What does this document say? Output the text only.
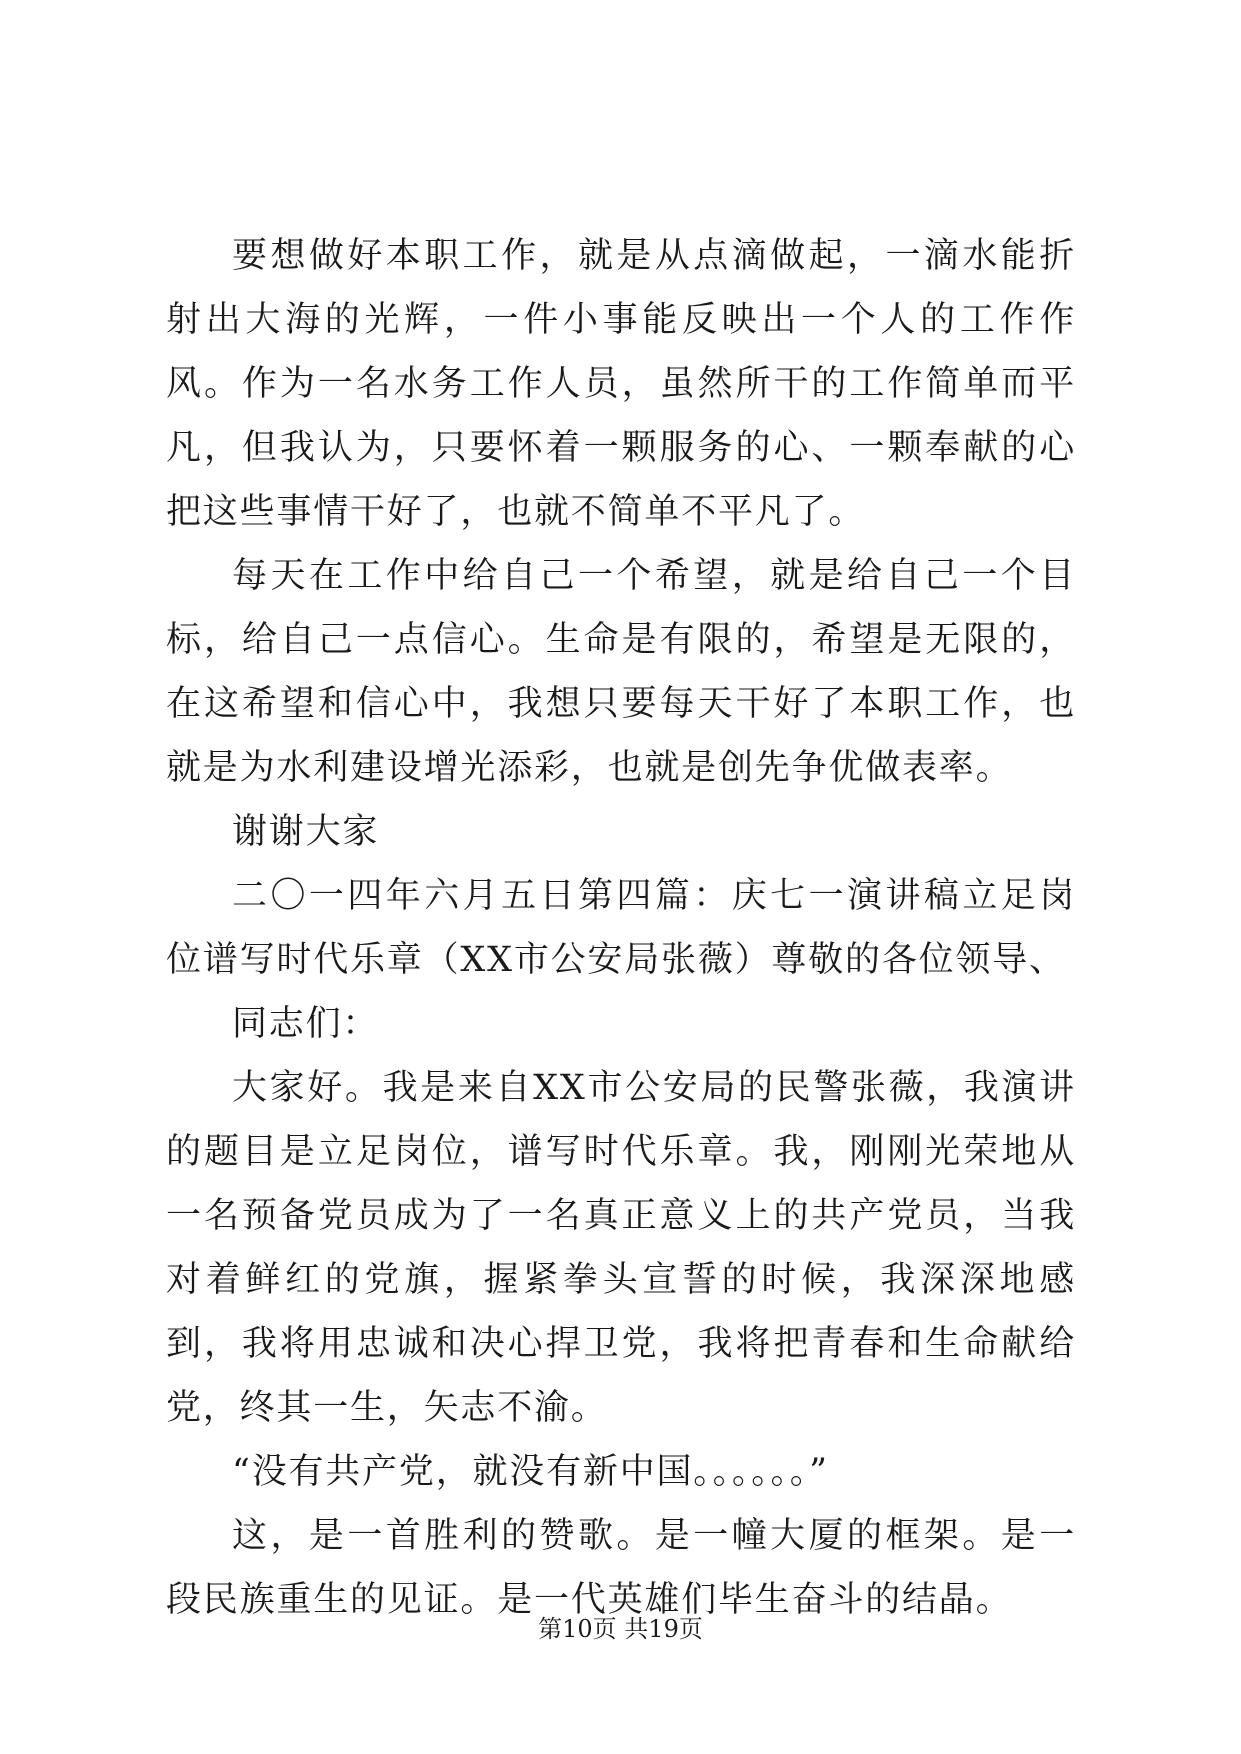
要想做好本职工作，就是从点滴做起，一滴水能折射出大海的光辉，一件小事能反映出一个人的工作作风。作为一名水务工作人员，虽然所干的工作简单而平凡，但我认为，只要怀着一颗服务的心、一颗奉献的心把这些事情干好了，也就不简单不平凡了。

每天在工作中给自己一个希望，就是给自己一个目标，给自己一点信心。生命是有限的，希望是无限的，在这希望和信心中，我想只要每天干好了本职工作，也就是为水利建设增光添彩，也就是创先争优做表率。

谢谢大家

二〇一四年六月五日第四篇：庆七一演讲稿立足岗位谱写时代乐章（XX市公安局张薇）尊敬的各位领导、

同志们：

大家好。我是来自XX市公安局的民警张薇，我演讲的题目是立足岗位，谱写时代乐章。我，刚刚光荣地从一名预备党员成为了一名真正意义上的共产党员，当我对着鲜红的党旗，握紧拳头宣誓的时候，我深深地感到，我将用忠诚和决心捍卫党，我将把青春和生命献给党，终其一生，矢志不渝。

“没有共产党，就没有新中国。。。。。。”

这，是一首胜利的赞歌。是一幢大厦的框架。是一段民族重生的见证。是一代英雄们毕生奋斗的结晶。

第10页 共19页
